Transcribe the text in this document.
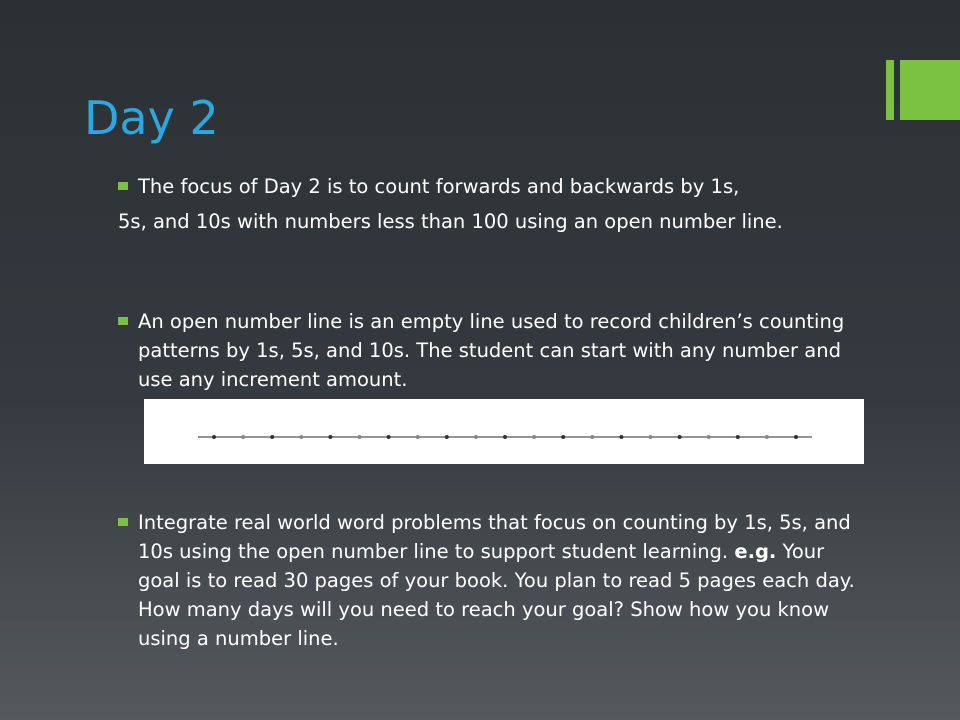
Day 2
The focus of Day 2 is to count forwards and backwards by 1s,
5s, and 10s with numbers less than 100 using an open number line.
An open number line is an empty line used to record children’s counting patterns by 1s, 5s, and 10s. The student can start with any number and use any increment amount.
Integrate real world word problems that focus on counting by 1s, 5s, and 10s using the open number line to support student learning. e.g. Your goal is to read 30 pages of your book. You plan to read 5 pages each day. How many days will you need to reach your goal? Show how you know using a number line.
